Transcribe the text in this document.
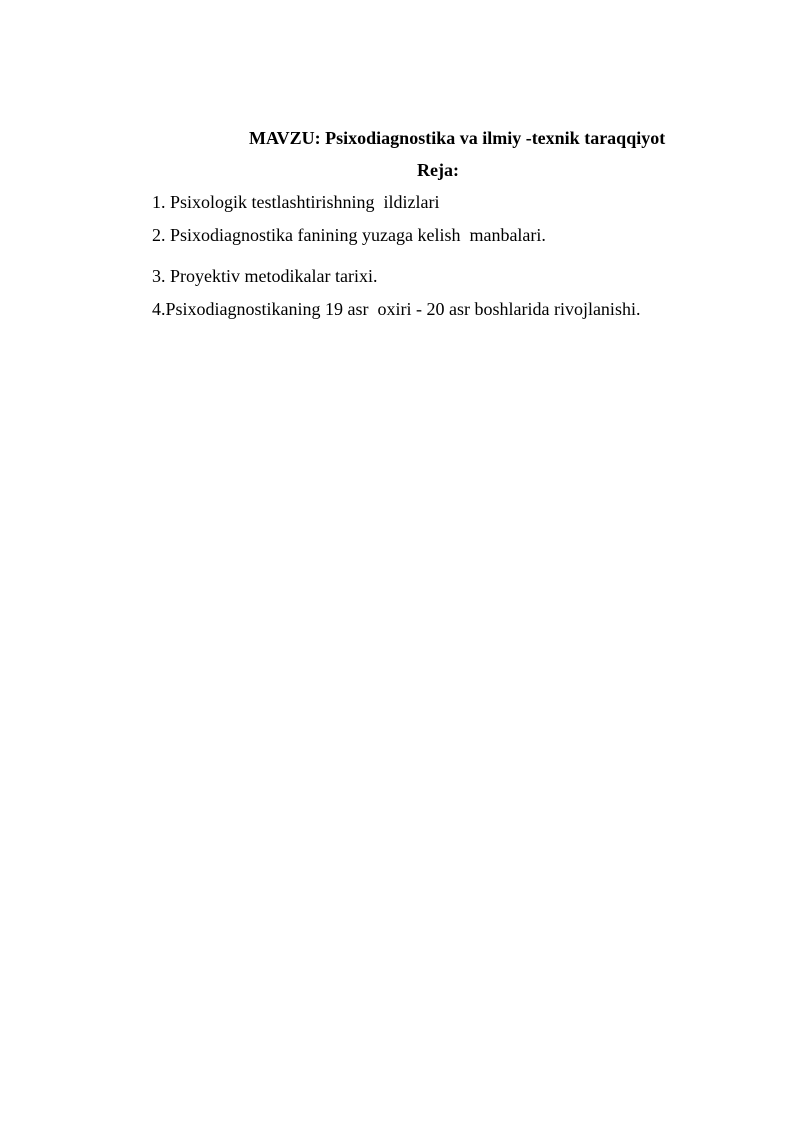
MAVZU: Psixodiagnostika va ilmiy -texnik taraqqiyot
Reja:
1. Psixologik testlashtirishning  ildizlari
2. Psixodiagnostika fanining yuzaga kelish  manbalari.
3. Proyektiv metodikalar tarixi.
4.Psixodiagnostikaning 19 asr  oxiri - 20 asr boshlarida rivojlanishi.
